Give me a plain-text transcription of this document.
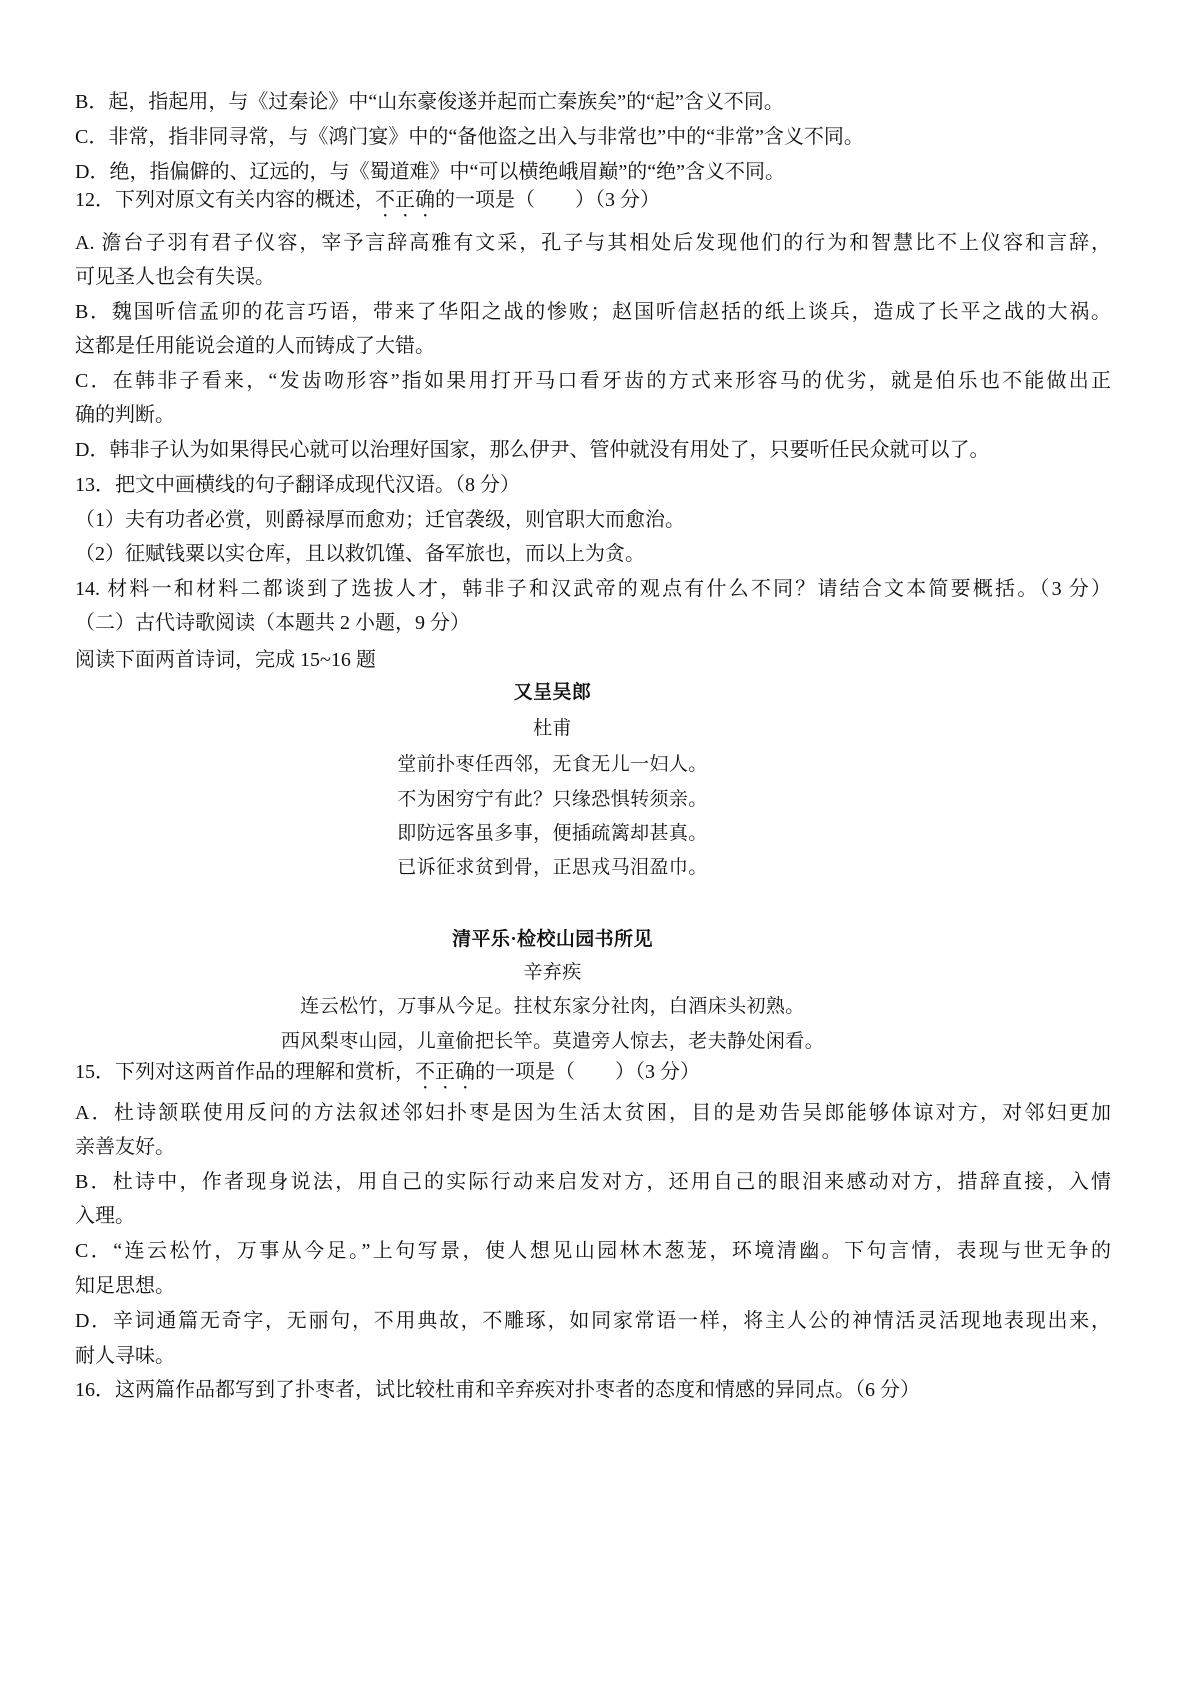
B．起，指起用，与《过秦论》中“山东豪俊遂并起而亡秦族矣”的“起”含义不同。
C．非常，指非同寻常，与《鸿门宴》中的“备他盗之出入与非常也”中的“非常”含义不同。
D．绝，指偏僻的、辽远的，与《蜀道难》中“可以横绝峨眉巅”的“绝”含义不同。
12．下列对原文有关内容的概述，不正确的一项是（　　）（3 分）
A. 澹台子羽有君子仪容，宰予言辞高雅有文采，孔子与其相处后发现他们的行为和智慧比不上仪容和言辞，
可见圣人也会有失误。
B．魏国听信孟卯的花言巧语，带来了华阳之战的惨败；赵国听信赵括的纸上谈兵，造成了长平之战的大祸。
这都是任用能说会道的人而铸成了大错。
C．在韩非子看来，“发齿吻形容”指如果用打开马口看牙齿的方式来形容马的优劣，就是伯乐也不能做出正
确的判断。
D．韩非子认为如果得民心就可以治理好国家，那么伊尹、管仲就没有用处了，只要听任民众就可以了。
13．把文中画横线的句子翻译成现代汉语。（8 分）
（1）夫有功者必赏，则爵禄厚而愈劝；迁官袭级，则官职大而愈治。
（2）征赋钱粟以实仓库，且以救饥馑、备军旅也，而以上为贪。
14. 材料一和材料二都谈到了选拔人才，韩非子和汉武帝的观点有什么不同？请结合文本简要概括。（3 分）
（二）古代诗歌阅读（本题共 2 小题，9 分）
阅读下面两首诗词，完成 15~16 题
又呈吴郎
杜甫
堂前扑枣任西邻，无食无儿一妇人。
不为困穷宁有此？只缘恐惧转须亲。
即防远客虽多事，便插疏篱却甚真。
已诉征求贫到骨，正思戎马泪盈巾。
清平乐·检校山园书所见
辛弃疾
连云松竹，万事从今足。拄杖东家分社肉，白酒床头初熟。
西风梨枣山园，儿童偷把长竿。莫遣旁人惊去，老夫静处闲看。
15．下列对这两首作品的理解和赏析，不正确的一项是（　　）（3 分）
A．杜诗颔联使用反问的方法叙述邻妇扑枣是因为生活太贫困，目的是劝告吴郎能够体谅对方，对邻妇更加
亲善友好。
B．杜诗中，作者现身说法，用自己的实际行动来启发对方，还用自己的眼泪来感动对方，措辞直接，入情
入理。
C．“连云松竹，万事从今足。”上句写景，使人想见山园林木葱茏，环境清幽。下句言情，表现与世无争的
知足思想。
D．辛词通篇无奇字，无丽句，不用典故，不雕琢，如同家常语一样，将主人公的神情活灵活现地表现出来，
耐人寻味。
16．这两篇作品都写到了扑枣者，试比较杜甫和辛弃疾对扑枣者的态度和情感的异同点。（6 分）
